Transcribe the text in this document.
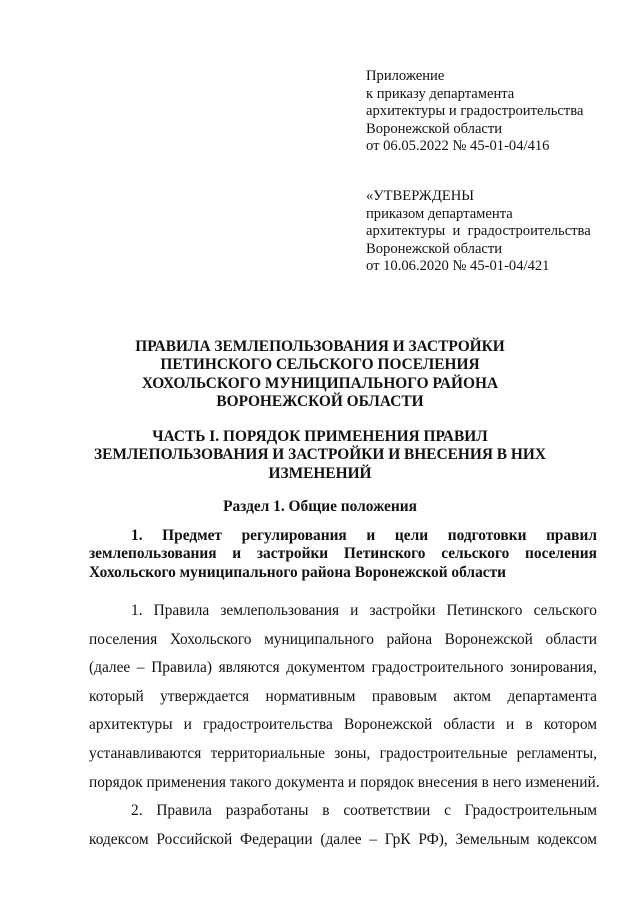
Приложение
к приказу департамента
архитектуры и градостроительства
Воронежской области
от 06.05.2022 № 45-01-04/416
«УТВЕРЖДЕНЫ
приказом департамента
архитектуры  и  градостроительства
Воронежской области
от 10.06.2020 № 45-01-04/421
ПРАВИЛА ЗЕМЛЕПОЛЬЗОВАНИЯ И ЗАСТРОЙКИ
ПЕТИНСКОГО СЕЛЬСКОГО ПОСЕЛЕНИЯ
ХОХОЛЬСКОГО МУНИЦИПАЛЬНОГО РАЙОНА
ВОРОНЕЖСКОЙ ОБЛАСТИ
ЧАСТЬ I. ПОРЯДОК ПРИМЕНЕНИЯ ПРАВИЛ
ЗЕМЛЕПОЛЬЗОВАНИЯ И ЗАСТРОЙКИ И ВНЕСЕНИЯ В НИХ
ИЗМЕНЕНИЙ
Раздел 1. Общие положения
1. Предмет регулирования и цели подготовки правил
землепользования и застройки Петинского сельского поселения
Хохольского муниципального района Воронежской области
1. Правила землепользования и застройки Петинского сельского
поселения Хохольского муниципального района Воронежской области
(далее – Правила) являются документом градостроительного зонирования,
который утверждается нормативным правовым актом департамента
архитектуры и градостроительства Воронежской области и в котором
устанавливаются территориальные зоны, градостроительные регламенты,
порядок применения такого документа и порядок внесения в него изменений.
2. Правила разработаны в соответствии с Градостроительным
кодексом Российской Федерации (далее – ГрК РФ), Земельным кодексом
